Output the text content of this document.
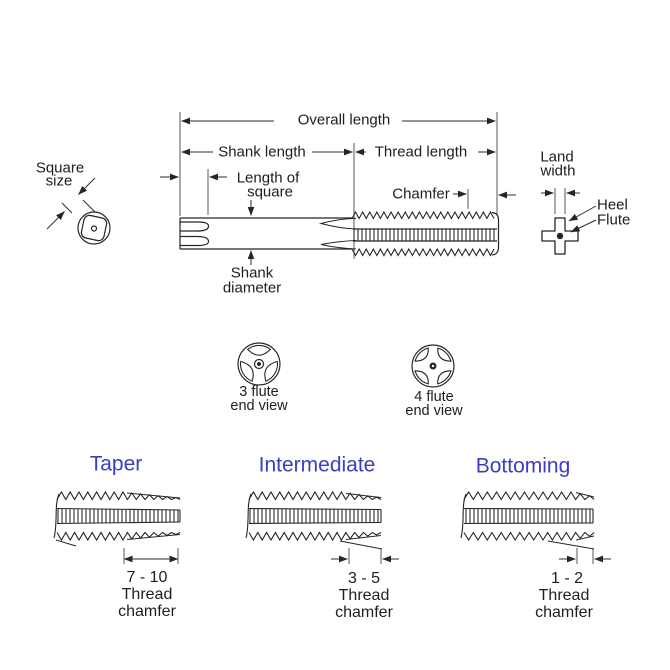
Overall length
Shank length	Thread length
Length of
square	Chamfer
Square
size
Land
width
Heel
Flute
Shank
diameter
3 flute
end view
4 flute
end view
Taper	Intermediate	Bottoming
7 - 10
Thread
chamfer
3 - 5
Thread
chamfer
1 - 2
Thread
chamfer
